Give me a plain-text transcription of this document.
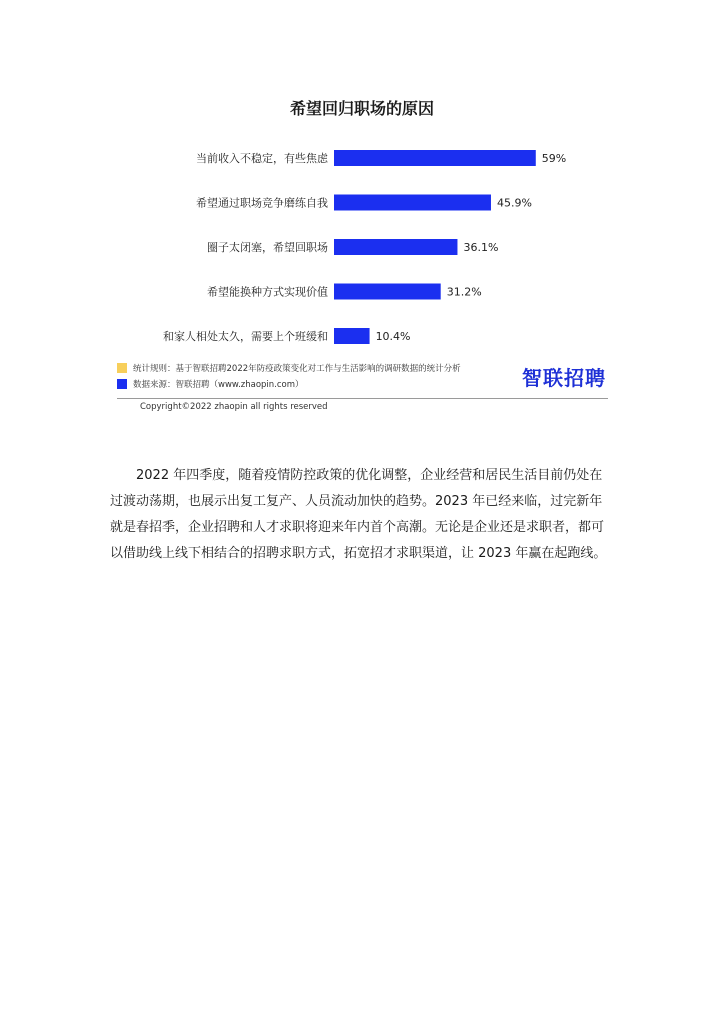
希望回归职场的原因
当前收入不稳定，有些焦虑	59%
希望通过职场竞争磨练自我	45.9%
圈子太闭塞，希望回职场	36.1%
希望能换种方式实现价值	31.2%
和家人相处太久，需要上个班缓和	10.4%
统计规则：基于智联招聘2022年防疫政策变化对工作与生活影响的调研数据的统计分析
数据来源：智联招聘（www.zhaopin.com）	智联招聘
Copyright©2022 zhaopin all rights reserved

2022 年四季度，随着疫情防控政策的优化调整，企业经营和居民生活目前仍处在过渡动荡期，也展示出复工复产、人员流动加快的趋势。2023 年已经来临，过完新年就是春招季，企业招聘和人才求职将迎来年内首个高潮。无论是企业还是求职者，都可以借助线上线下相结合的招聘求职方式，拓宽招才求职渠道，让 2023 年赢在起跑线。
